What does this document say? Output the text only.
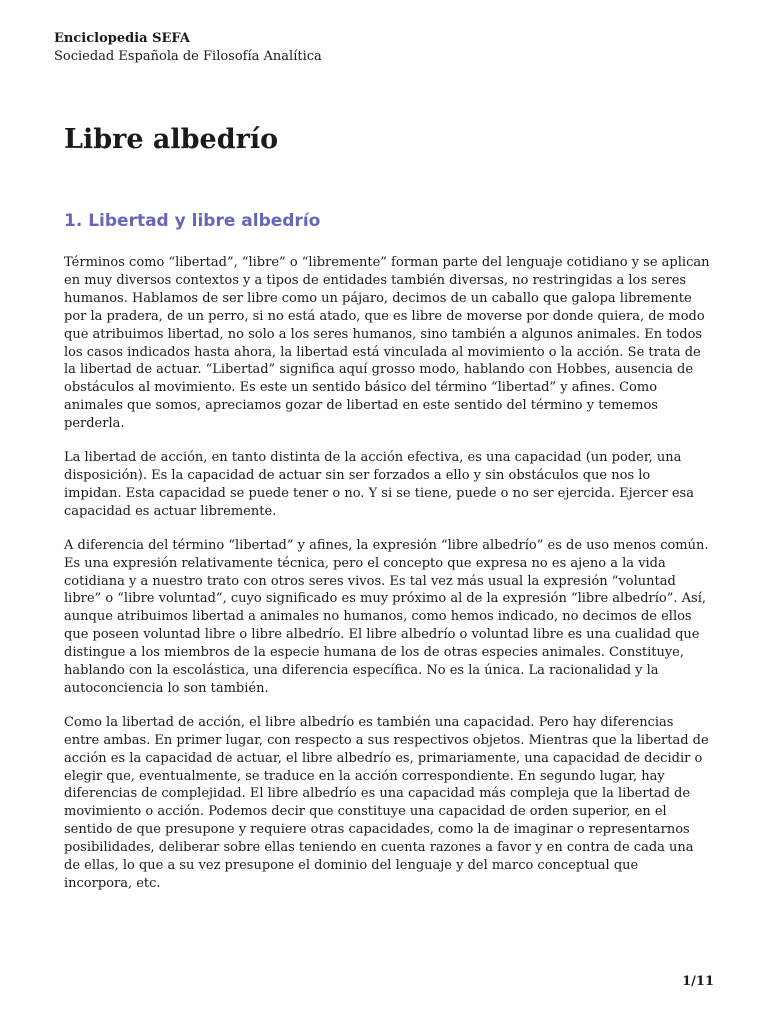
Enciclopedia SEFA
Sociedad Española de Filosofía Analítica
Libre albedrío
1. Libertad y libre albedrío

Términos como “libertad”, “libre” o “libremente” forman parte del lenguaje cotidiano y se aplican en muy diversos contextos y a tipos de entidades también diversas, no restringidas a los seres humanos. Hablamos de ser libre como un pájaro, decimos de un caballo que galopa libremente por la pradera, de un perro, si no está atado, que es libre de moverse por donde quiera, de modo que atribuimos libertad, no solo a los seres humanos, sino también a algunos animales. En todos los casos indicados hasta ahora, la libertad está vinculada al movimiento o la acción. Se trata de la libertad de actuar. “Libertad” significa aquí grosso modo, hablando con Hobbes, ausencia de obstáculos al movimiento. Es este un sentido básico del término “libertad” y afines. Como animales que somos, apreciamos gozar de libertad en este sentido del término y tememos perderla.

La libertad de acción, en tanto distinta de la acción efectiva, es una capacidad (un poder, una disposición). Es la capacidad de actuar sin ser forzados a ello y sin obstáculos que nos lo impidan. Esta capacidad se puede tener o no. Y si se tiene, puede o no ser ejercida. Ejercer esa capacidad es actuar libremente.

A diferencia del término “libertad” y afines, la expresión “libre albedrío” es de uso menos común. Es una expresión relativamente técnica, pero el concepto que expresa no es ajeno a la vida cotidiana y a nuestro trato con otros seres vivos. Es tal vez más usual la expresión “voluntad libre” o “libre voluntad”, cuyo significado es muy próximo al de la expresión “libre albedrío”. Así, aunque atribuimos libertad a animales no humanos, como hemos indicado, no decimos de ellos que poseen voluntad libre o libre albedrío. El libre albedrío o voluntad libre es una cualidad que distingue a los miembros de la especie humana de los de otras especies animales. Constituye, hablando con la escolástica, una diferencia específica. No es la única. La racionalidad y la autoconciencia lo son también.

Como la libertad de acción, el libre albedrío es también una capacidad. Pero hay diferencias entre ambas. En primer lugar, con respecto a sus respectivos objetos. Mientras que la libertad de acción es la capacidad de actuar, el libre albedrío es, primariamente, una capacidad de decidir o elegir que, eventualmente, se traduce en la acción correspondiente. En segundo lugar, hay diferencias de complejidad. El libre albedrío es una capacidad más compleja que la libertad de movimiento o acción. Podemos decir que constituye una capacidad de orden superior, en el sentido de que presupone y requiere otras capacidades, como la de imaginar o representarnos posibilidades, deliberar sobre ellas teniendo en cuenta razones a favor y en contra de cada una de ellas, lo que a su vez presupone el dominio del lenguaje y del marco conceptual que incorpora, etc.

1/11
